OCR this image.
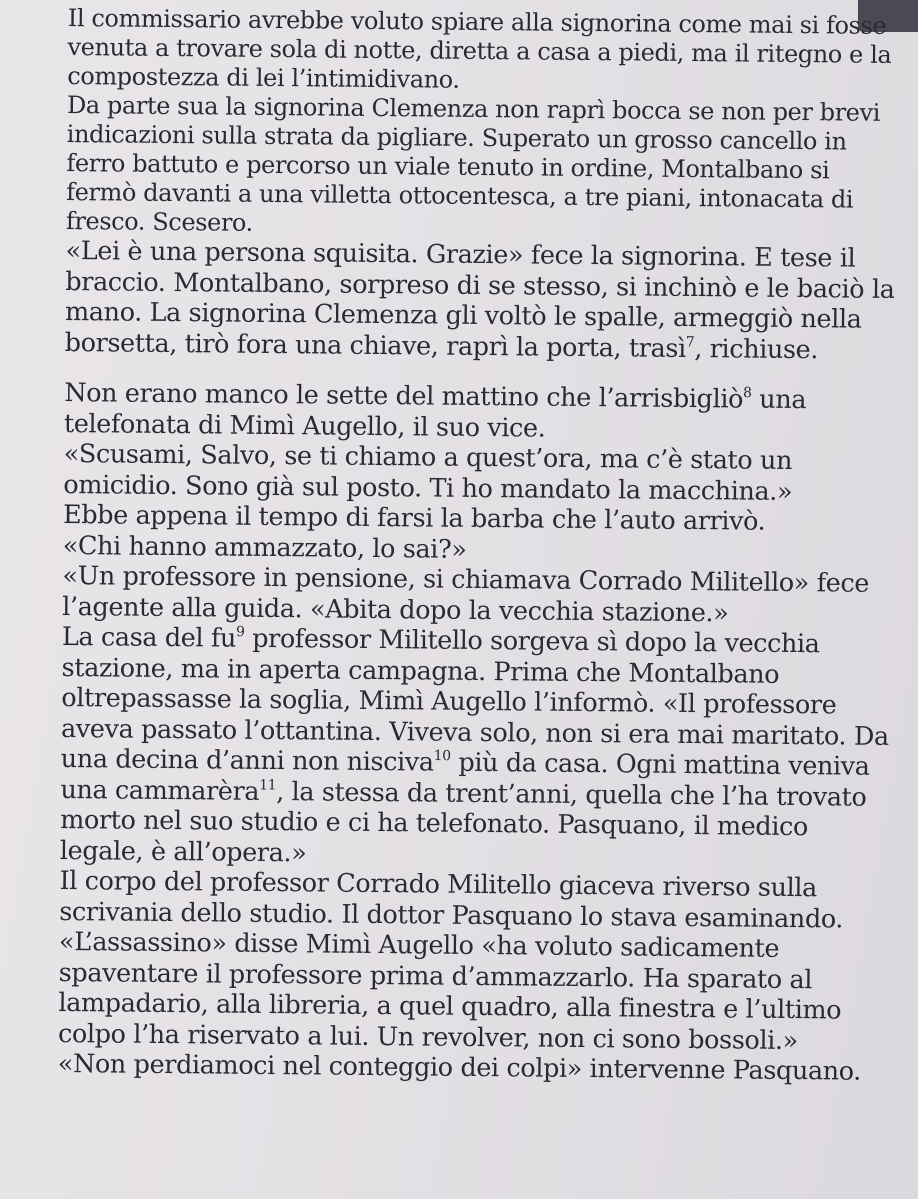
Il commissario avrebbe voluto spiare alla signorina come mai si fosse venuta a trovare sola di notte, diretta a casa a piedi, ma il ritegno e la compostezza di lei l’intimidivano.

Da parte sua la signorina Clemenza non raprì bocca se non per brevi indicazioni sulla strata da pigliare. Superato un grosso cancello in ferro battuto e percorso un viale tenuto in ordine, Montalbano si fermò davanti a una villetta ottocentesca, a tre piani, intonacata di fresco. Scesero.

«Lei è una persona squisita. Grazie» fece la signorina. E tese il braccio. Montalbano, sorpreso di se stesso, si inchinò e le baciò la mano. La signorina Clemenza gli voltò le spalle, armeggiò nella borsetta, tirò fora una chiave, raprì la porta, trasì$^7$, richiuse.

Non erano manco le sette del mattino che l’arrisbigliò$^8$ una telefonata di Mimì Augello, il suo vice.

«Scusami, Salvo, se ti chiamo a quest’ora, ma c’è stato un omicidio. Sono già sul posto. Ti ho mandato la macchina.»

Ebbe appena il tempo di farsi la barba che l’auto arrivò.

«Chi hanno ammazzato, lo sai?»

«Un professore in pensione, si chiamava Corrado Militello» fece l’agente alla guida. «Abita dopo la vecchia stazione.»

La casa del $fu^9$ professor Militello sorgeva sì dopo la vecchia stazione, ma in aperta campagna. Prima che Montalbano oltrepassasse la soglia, Mimì Augello l’informò. «Il professore aveva passato l’ottantina. Viveva solo, non si era mai maritato. Da una decina d’anni non nisciva$^{10}$ più da casa. Ogni mattina veniva una cammarèra$^{11}$, la stessa da trent’anni, quella che l’ha trovato morto nel suo studio e ci ha telefonato. Pasquano, il medico legale, è all’opera.»

Il corpo del professor Corrado Militello giaceva riverso sulla scrivania dello studio. Il dottor Pasquano lo stava esaminando.

«L’assassino» disse Mimì Augello «ha voluto sadicamente spaventare il professore prima d’ammazzarlo. Ha sparato al lampadario, alla libreria, a quel quadro, alla finestra e l’ultimo colpo l’ha riservato a lui. Un revolver, non ci sono bossoli.»

«Non perdiamoci nel conteggio dei colpi» intervenne Pasquano.
